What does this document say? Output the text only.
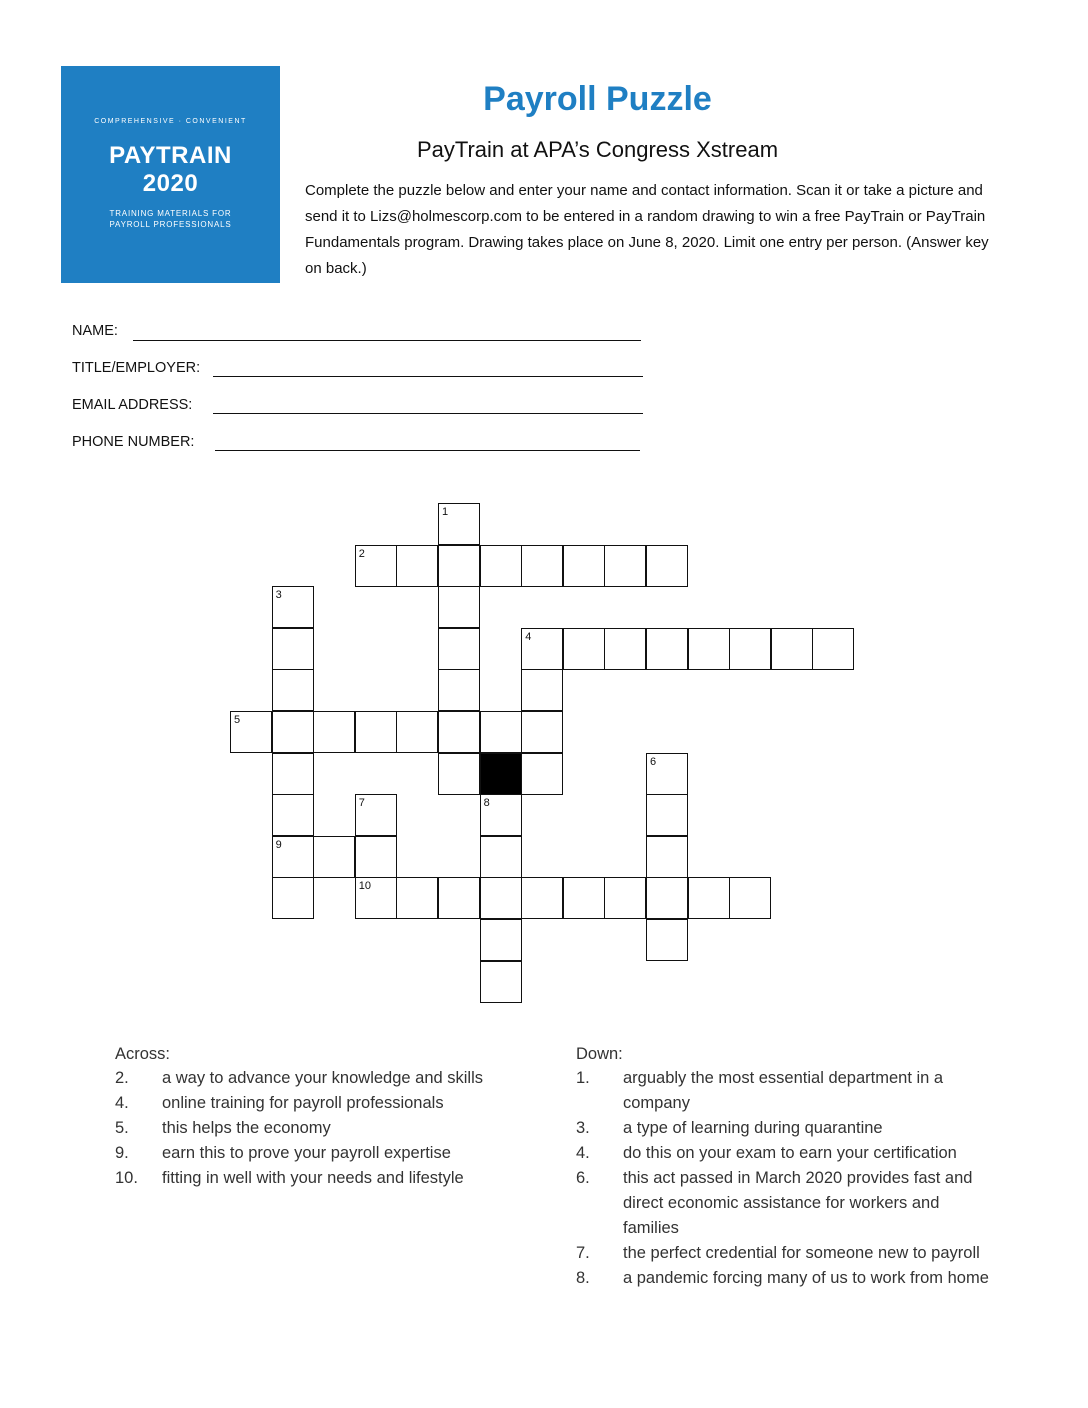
COMPREHENSIVE · CONVENIENT
PAYTRAIN
2020
TRAINING MATERIALS FOR PAYROLL PROFESSIONALS
Payroll Puzzle
PayTrain at APA’s Congress Xstream
Complete the puzzle below and enter your name and contact information. Scan it or take a picture and send it to Lizs@holmescorp.com to be entered in a random drawing to win a free PayTrain or PayTrain Fundamentals program. Drawing takes place on June 8, 2020. Limit one entry per person. (Answer key on back.)
NAME:
TITLE/EMPLOYER:
EMAIL ADDRESS:
PHONE NUMBER:
1
2
3
4
5
6
7	8
9
10
Across:
2. a way to advance your knowledge and skills
4. online training for payroll professionals
5. this helps the economy
9. earn this to prove your payroll expertise
10. fitting in well with your needs and lifestyle
Down:
1. arguably the most essential department in a company
3. a type of learning during quarantine
4. do this on your exam to earn your certification
6. this act passed in March 2020 provides fast and direct economic assistance for workers and families
7. the perfect credential for someone new to payroll
8. a pandemic forcing many of us to work from home
